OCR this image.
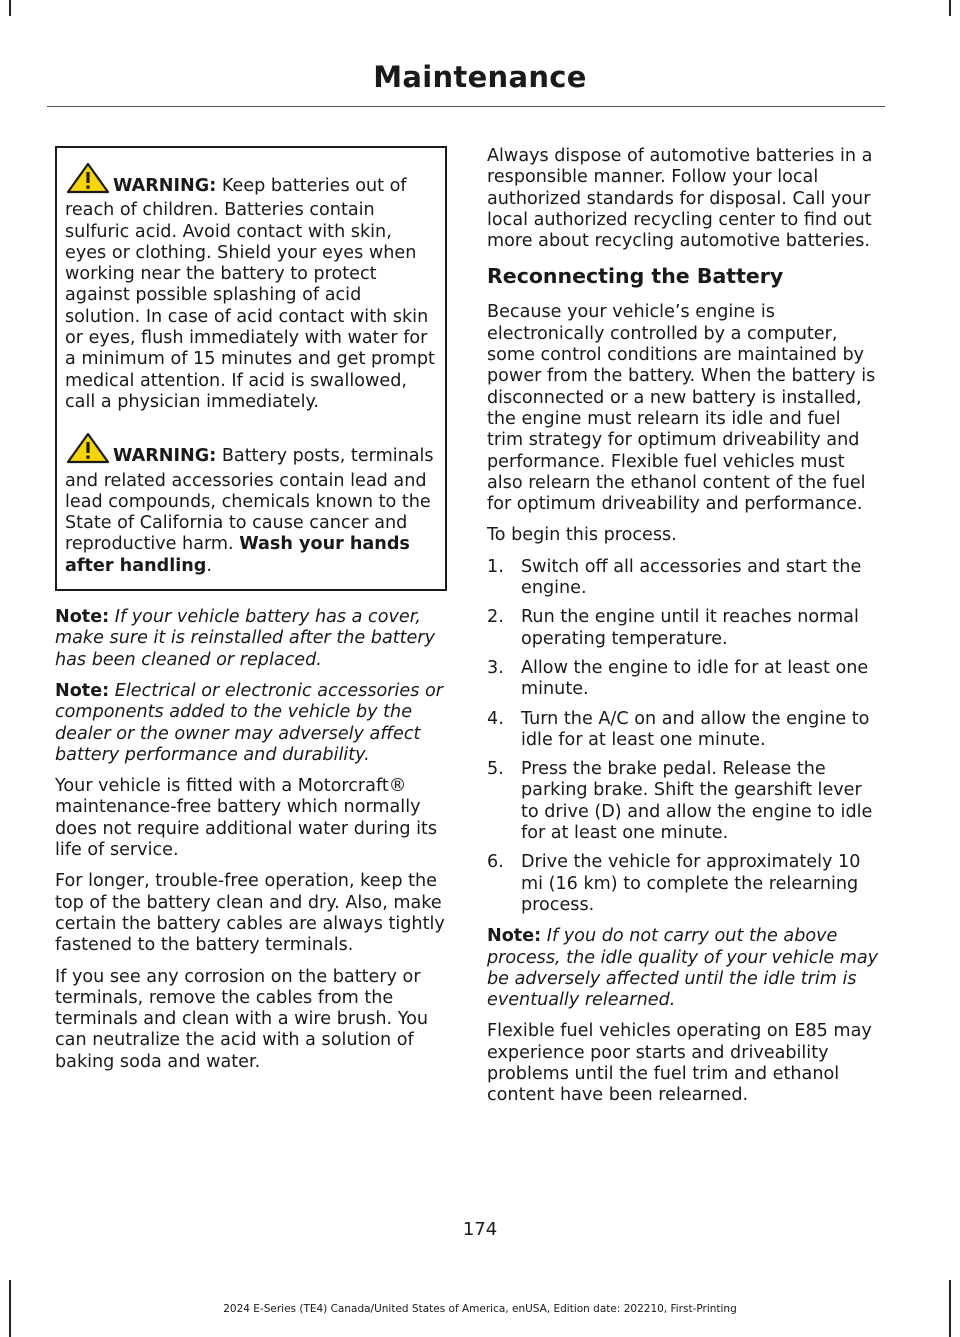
Maintenance

WARNING: Keep batteries out of reach of children. Batteries contain sulfuric acid. Avoid contact with skin, eyes or clothing. Shield your eyes when working near the battery to protect against possible splashing of acid solution. In case of acid contact with skin or eyes, flush immediately with water for a minimum of 15 minutes and get prompt medical attention. If acid is swallowed, call a physician immediately.

WARNING: Battery posts, terminals and related accessories contain lead and lead compounds, chemicals known to the State of California to cause cancer and reproductive harm. Wash your hands after handling.

Note: If your vehicle battery has a cover, make sure it is reinstalled after the battery has been cleaned or replaced.

Note: Electrical or electronic accessories or components added to the vehicle by the dealer or the owner may adversely affect battery performance and durability.

Your vehicle is fitted with a Motorcraft® maintenance-free battery which normally does not require additional water during its life of service.

For longer, trouble-free operation, keep the top of the battery clean and dry. Also, make certain the battery cables are always tightly fastened to the battery terminals.

If you see any corrosion on the battery or terminals, remove the cables from the terminals and clean with a wire brush. You can neutralize the acid with a solution of baking soda and water.

Always dispose of automotive batteries in a responsible manner. Follow your local authorized standards for disposal. Call your local authorized recycling center to find out more about recycling automotive batteries.

Reconnecting the Battery

Because your vehicle’s engine is electronically controlled by a computer, some control conditions are maintained by power from the battery. When the battery is disconnected or a new battery is installed, the engine must relearn its idle and fuel trim strategy for optimum driveability and performance. Flexible fuel vehicles must also relearn the ethanol content of the fuel for optimum driveability and performance.

To begin this process.

1. Switch off all accessories and start the engine.
2. Run the engine until it reaches normal operating temperature.
3. Allow the engine to idle for at least one minute.
4. Turn the A/C on and allow the engine to idle for at least one minute.
5. Press the brake pedal. Release the parking brake. Shift the gearshift lever to drive (D) and allow the engine to idle for at least one minute.
6. Drive the vehicle for approximately 10 mi (16 km) to complete the relearning process.

Note: If you do not carry out the above process, the idle quality of your vehicle may be adversely affected until the idle trim is eventually relearned.

Flexible fuel vehicles operating on E85 may experience poor starts and driveability problems until the fuel trim and ethanol content have been relearned.

174
2024 E-Series (TE4) Canada/United States of America, enUSA, Edition date: 202210, First-Printing
